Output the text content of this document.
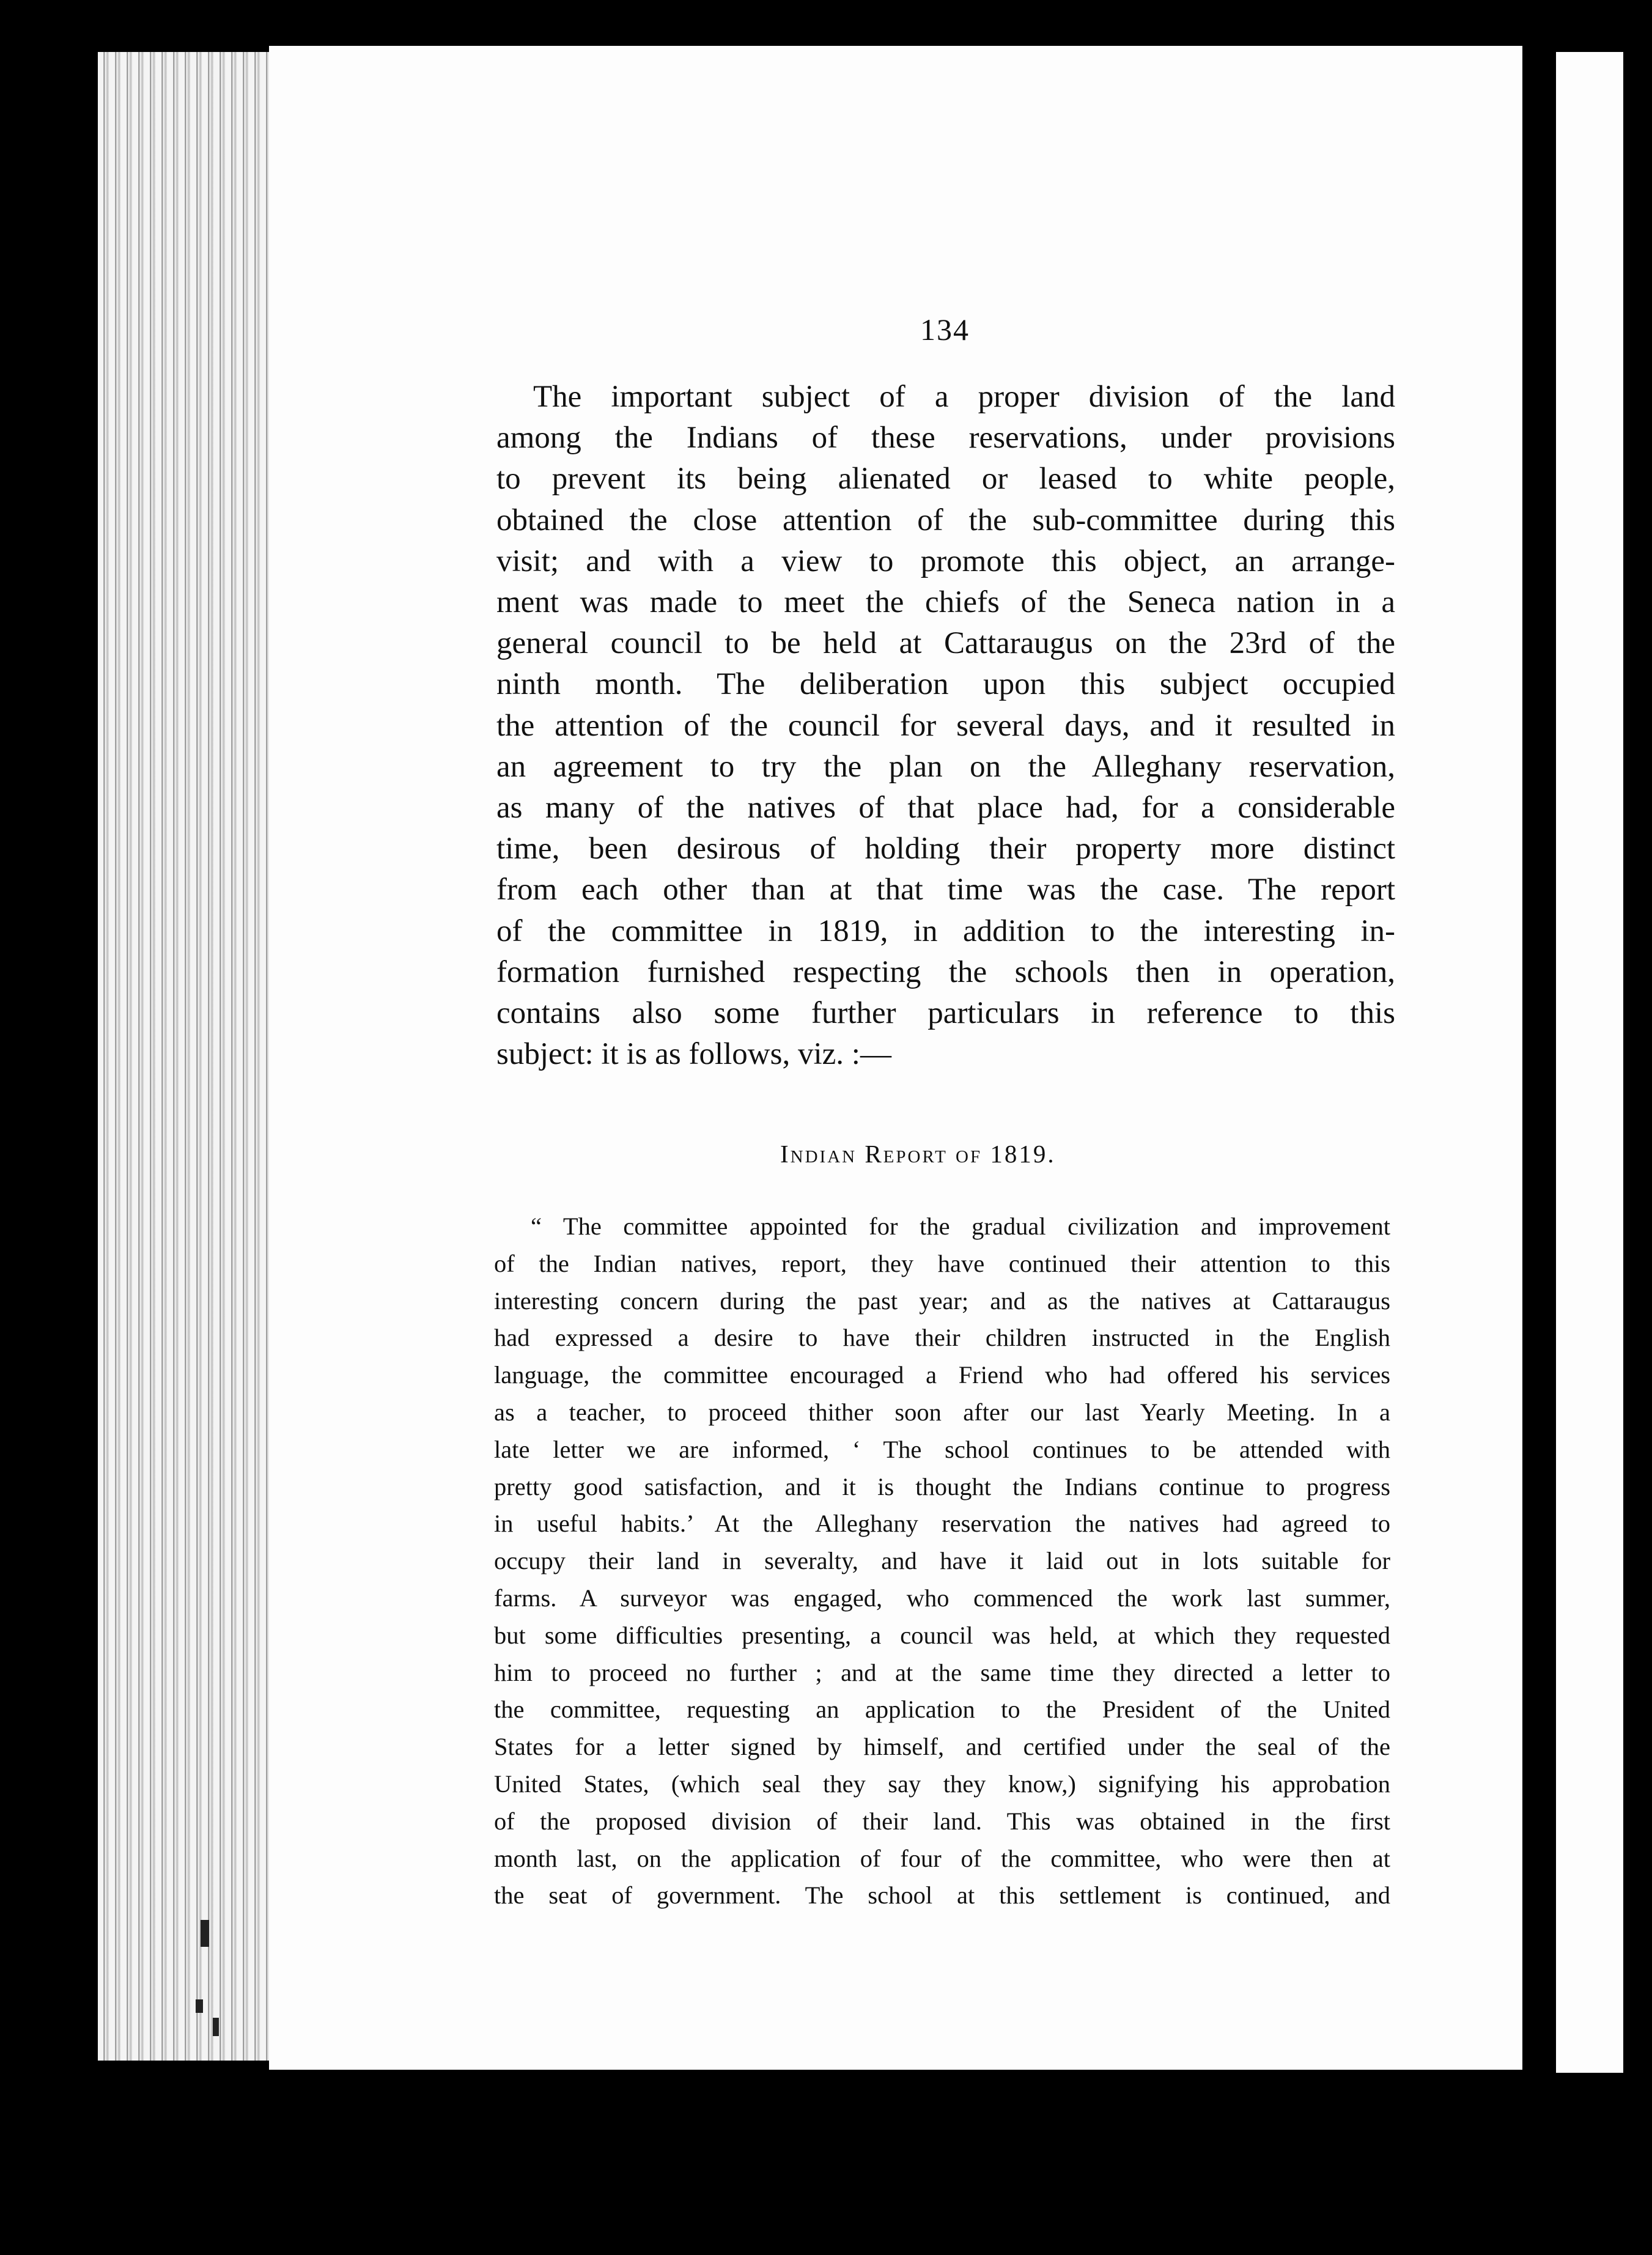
134
The important subject of a proper division of the land
among the Indians of these reservations, under provisions
to prevent its being alienated or leased to white people,
obtained the close attention of the sub-committee during this
visit; and with a view to promote this object, an arrange-
ment was made to meet the chiefs of the Seneca nation in a
general council to be held at Cattaraugus on the 23rd of the
ninth month. The deliberation upon this subject occupied
the attention of the council for several days, and it resulted in
an agreement to try the plan on the Alleghany reservation,
as many of the natives of that place had, for a considerable
time, been desirous of holding their property more distinct
from each other than at that time was the case. The report
of the committee in 1819, in addition to the interesting in-
formation furnished respecting the schools then in operation,
contains also some further particulars in reference to this
subject: it is as follows, viz. :—
Indian Report of 1819.
“ The committee appointed for the gradual civilization and improvement
of the Indian natives, report, they have continued their attention to this
interesting concern during the past year; and as the natives at Cattaraugus
had expressed a desire to have their children instructed in the English
language, the committee encouraged a Friend who had offered his services
as a teacher, to proceed thither soon after our last Yearly Meeting. In a
late letter we are informed, ‘ The school continues to be attended with
pretty good satisfaction, and it is thought the Indians continue to progress
in useful habits.’ At the Alleghany reservation the natives had agreed to
occupy their land in severalty, and have it laid out in lots suitable for
farms. A surveyor was engaged, who commenced the work last summer,
but some difficulties presenting, a council was held, at which they requested
him to proceed no further ; and at the same time they directed a letter to
the committee, requesting an application to the President of the United
States for a letter signed by himself, and certified under the seal of the
United States, (which seal they say they know,) signifying his approbation
of the proposed division of their land. This was obtained in the first
month last, on the application of four of the committee, who were then at
the seat of government. The school at this settlement is continued, and
